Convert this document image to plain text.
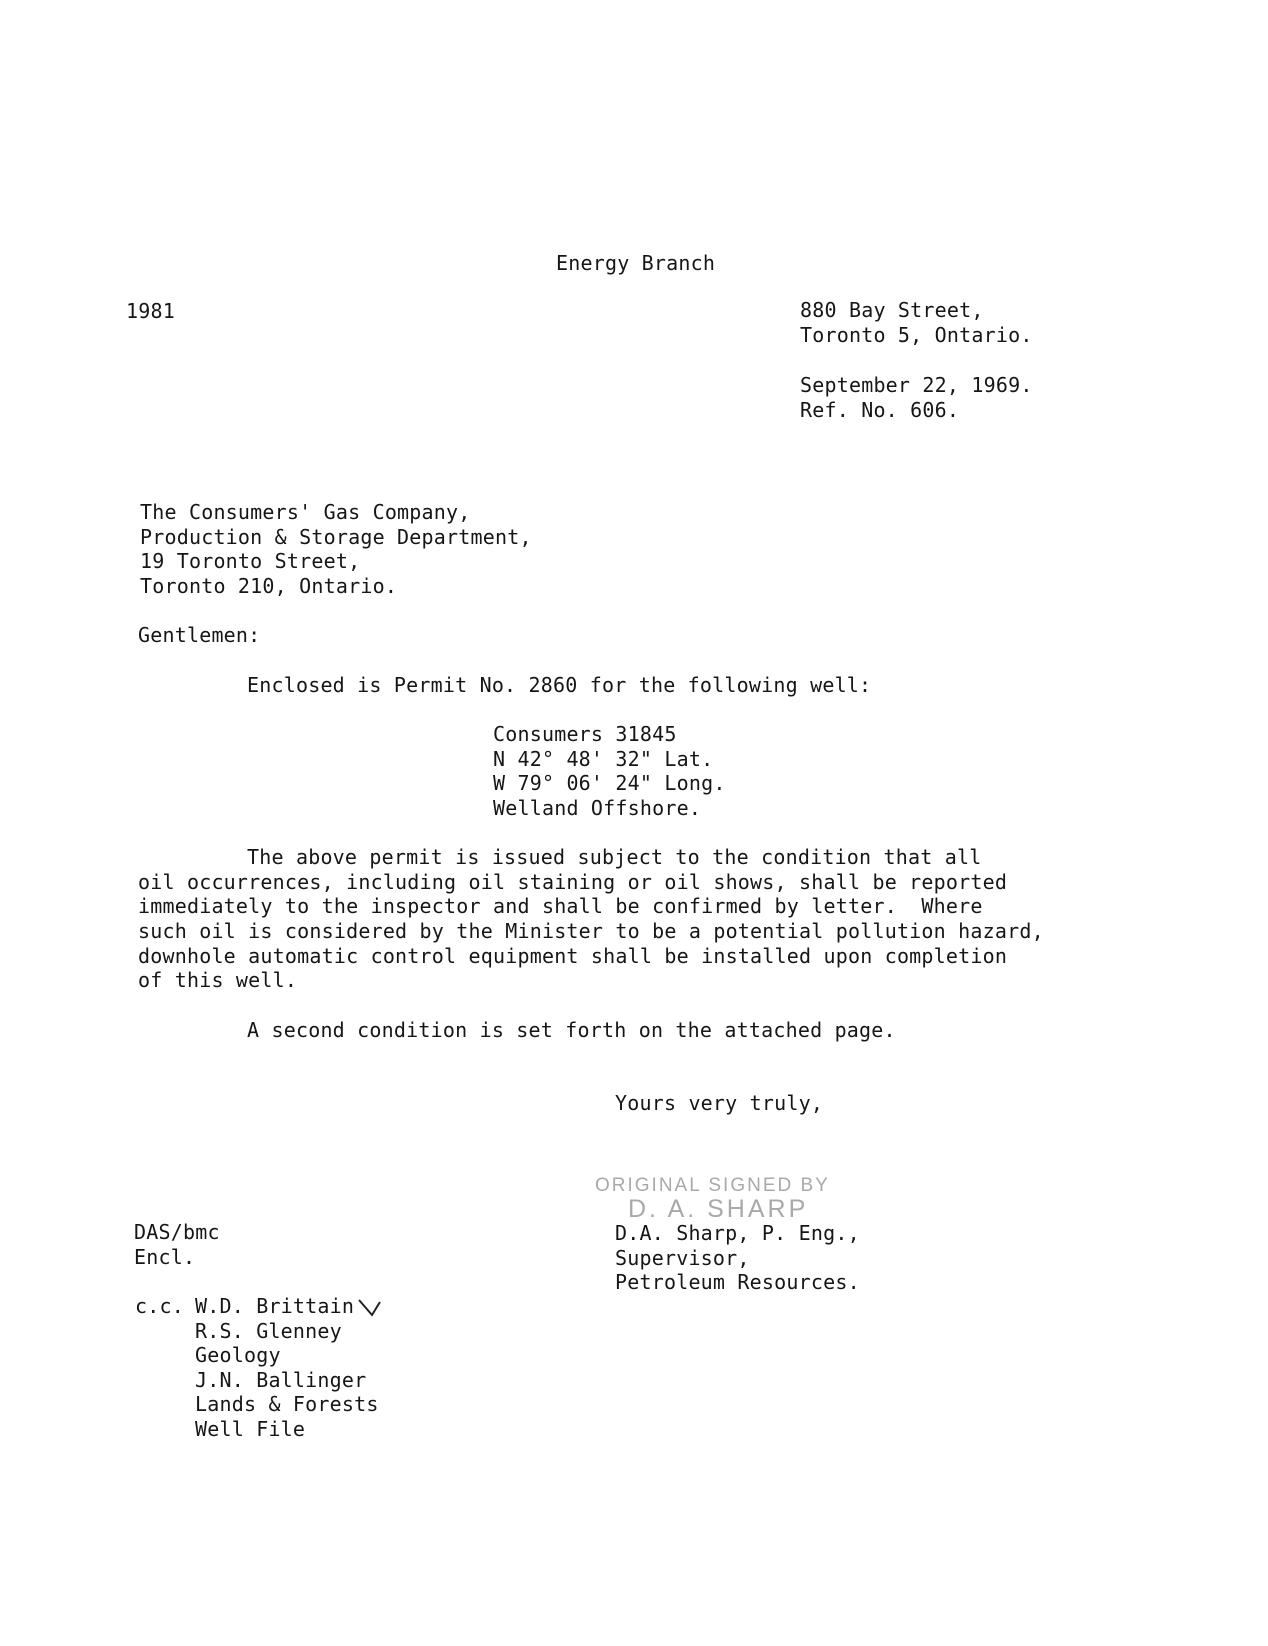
Energy Branch
1981	880 Bay Street,
Toronto 5, Ontario.
September 22, 1969.
Ref. No. 606.
The Consumers' Gas Company,
Production & Storage Department,
19 Toronto Street,
Toronto 210, Ontario.
Gentlemen:
Enclosed is Permit No. 2860 for the following well:
Consumers 31845
N 42° 48' 32" Lat.
W 79° 06' 24" Long.
Welland Offshore.
The above permit is issued subject to the condition that all
oil occurrences, including oil staining or oil shows, shall be reported
immediately to the inspector and shall be confirmed by letter.  Where
such oil is considered by the Minister to be a potential pollution hazard,
downhole automatic control equipment shall be installed upon completion
of this well.
A second condition is set forth on the attached page.
Yours very truly,
ORIGINAL SIGNED BY
D. A. SHARP
D.A. Sharp, P. Eng.,
Supervisor,
Petroleum Resources.
DAS/bmc
Encl.
c.c. W.D. Brittain
R.S. Glenney
Geology
J.N. Ballinger
Lands & Forests
Well File
